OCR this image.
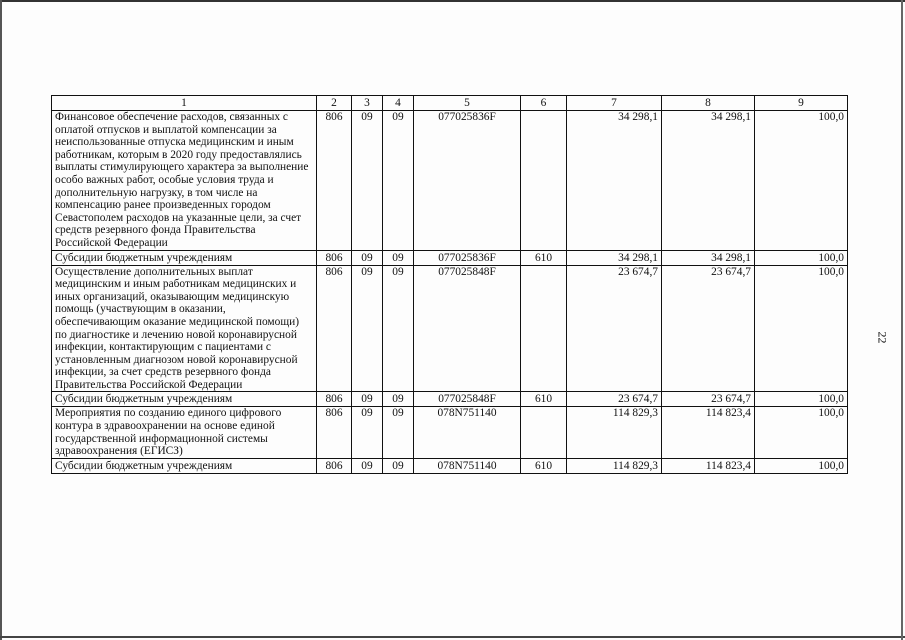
22
1	2	3	4	5	6	7	8	9
Финансовое обеспечение расходов, связанных с оплатой отпусков и выплатой компенсации за неиспользованные отпуска медицинским и иным работникам, которым в 2020 году предоставлялись выплаты стимулирующего характера за выполнение особо важных работ, особые условия труда и дополнительную нагрузку, в том числе на компенсацию ранее произведенных городом Севастополем расходов на указанные цели, за счет средств резервного фонда Правительства Российской Федерации	806	09	09	077025836F		34 298,1	34 298,1	100,0
Субсидии бюджетным учреждениям	806	09	09	077025836F	610	34 298,1	34 298,1	100,0
Осуществление дополнительных выплат медицинским и иным работникам медицинских и иных организаций, оказывающим медицинскую помощь (участвующим в оказании, обеспечивающим оказание медицинской помощи) по диагностике и лечению новой коронавирусной инфекции, контактирующим с пациентами с установленным диагнозом новой коронавирусной инфекции, за счет средств резервного фонда Правительства Российской Федерации	806	09	09	077025848F		23 674,7	23 674,7	100,0
Субсидии бюджетным учреждениям	806	09	09	077025848F	610	23 674,7	23 674,7	100,0
Мероприятия по созданию единого цифрового контура в здравоохранении на основе единой государственной информационной системы здравоохранения (ЕГИСЗ)	806	09	09	078N751140		114 829,3	114 823,4	100,0
Субсидии бюджетным учреждениям	806	09	09	078N751140	610	114 829,3	114 823,4	100,0
